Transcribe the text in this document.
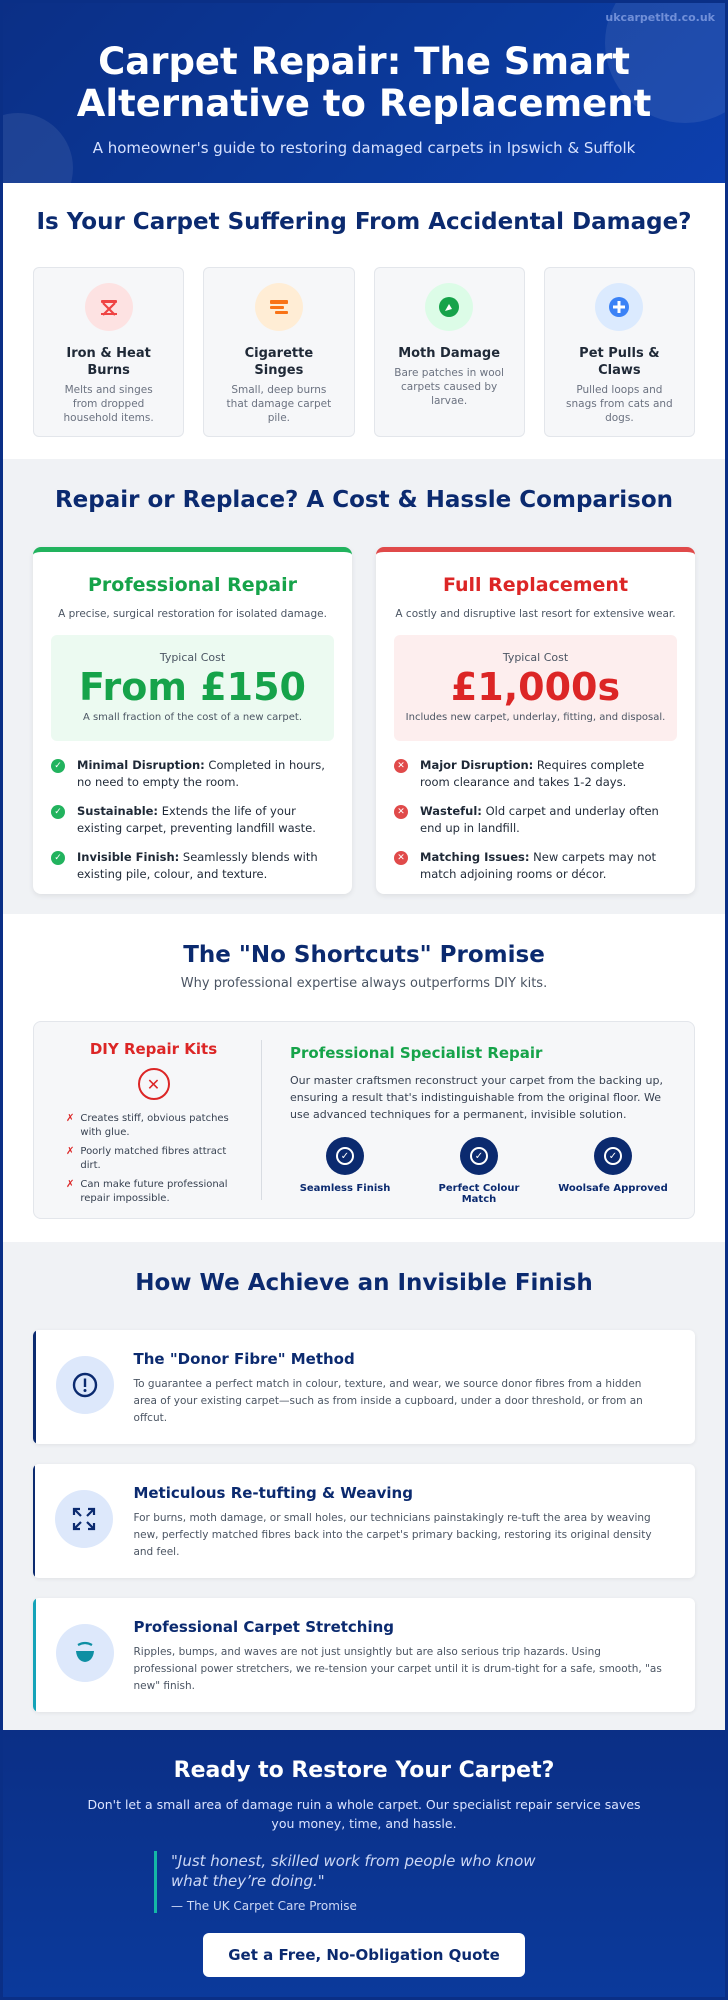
ukcarpetltd.co.uk
Carpet Repair: The Smart Alternative to Replacement

A homeowner's guide to restoring damaged carpets in Ipswich & Suffolk

Is Your Carpet Suffering From Accidental Damage?
Iron & Heat Burns

Melts and singes from dropped household items.

Cigarette Singes

Small, deep burns that damage carpet pile.

Moth Damage

Bare patches in wool carpets caused by larvae.

Pet Pulls & Claws

Pulled loops and snags from cats and dogs.

Repair or Replace? A Cost & Hassle Comparison
Professional Repair

A precise, surgical restoration for isolated damage.

Typical Cost
From £150
A small fraction of the cost of a new carpet.
✓ Minimal Disruption: Completed in hours, no need to empty the room.
✓ Sustainable: Extends the life of your existing carpet, preventing landfill waste.
✓ Invisible Finish: Seamlessly blends with existing pile, colour, and texture.
Full Replacement

A costly and disruptive last resort for extensive wear.

Typical Cost
£1,000s
Includes new carpet, underlay, fitting, and disposal.
✕ Major Disruption: Requires complete room clearance and takes 1-2 days.
✕ Wasteful: Old carpet and underlay often end up in landfill.
✕ Matching Issues: New carpets may not match adjoining rooms or décor.
The "No Shortcuts" Promise

Why professional expertise always outperforms DIY kits.

DIY Repair Kits
✕
✗ Creates stiff, obvious patches with glue.
✗ Poorly matched fibres attract dirt.
✗ Can make future professional repair impossible.
Professional Specialist Repair

Our master craftsmen reconstruct your carpet from the backing up, ensuring a result that's indistinguishable from the original floor. We use advanced techniques for a permanent, invisible solution.

✓
Seamless Finish
✓
Perfect Colour Match
✓
Woolsafe Approved
How We Achieve an Invisible Finish
The "Donor Fibre" Method

To guarantee a perfect match in colour, texture, and wear, we source donor fibres from a hidden area of your existing carpet—such as from inside a cupboard, under a door threshold, or from an offcut.

Meticulous Re-tufting & Weaving

For burns, moth damage, or small holes, our technicians painstakingly re-tuft the area by weaving new, perfectly matched fibres back into the carpet's primary backing, restoring its original density and feel.

Professional Carpet Stretching

Ripples, bumps, and waves are not just unsightly but are also serious trip hazards. Using professional power stretchers, we re-tension your carpet until it is drum-tight for a safe, smooth, "as new" finish.

Ready to Restore Your Carpet?

Don't let a small area of damage ruin a whole carpet. Our specialist repair service saves you money, time, and hassle.

"Just honest, skilled work from people who know what they’re doing."
— The UK Carpet Care Promise
Get a Free, No-Obligation Quote
